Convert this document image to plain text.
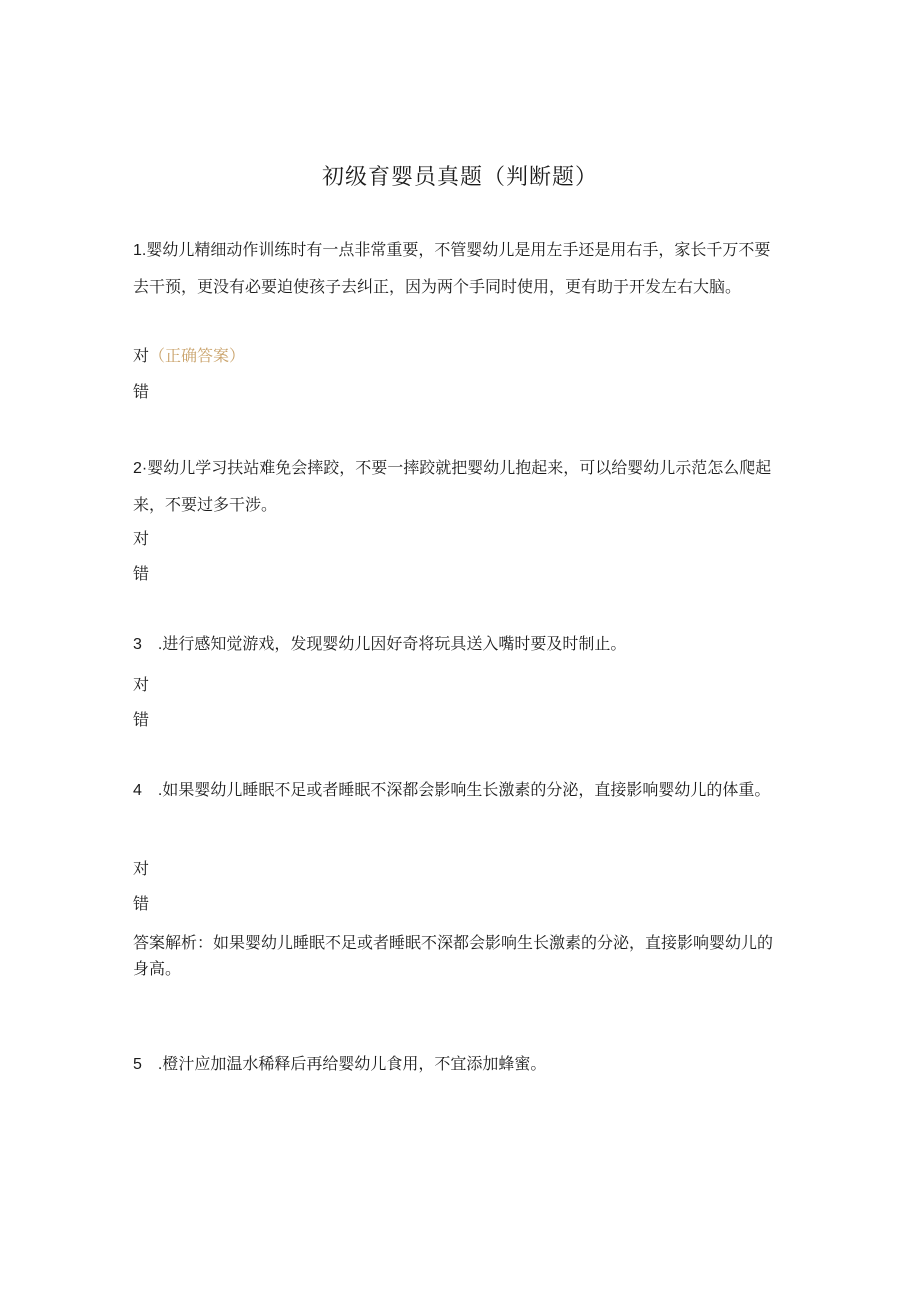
初级育婴员真题（判断题）
1.婴幼儿精细动作训练时有一点非常重要，不管婴幼儿是用左手还是用右手，家长千万不要去干预，更没有必要迫使孩子去纠正，因为两个手同时使用，更有助于开发左右大脑。
对（正确答案）
错
2·婴幼儿学习扶站难免会摔跤，不要一摔跤就把婴幼儿抱起来，可以给婴幼儿示范怎么爬起来，不要过多干涉。
对
错
3　.进行感知觉游戏，发现婴幼儿因好奇将玩具送入嘴时要及时制止。
对
错
4　.如果婴幼儿睡眠不足或者睡眠不深都会影响生长激素的分泌，直接影响婴幼儿的体重。
对
错
答案解析：如果婴幼儿睡眠不足或者睡眠不深都会影响生长激素的分泌，直接影响婴幼儿的身高。
5　.橙汁应加温水稀释后再给婴幼儿食用，不宜添加蜂蜜。
